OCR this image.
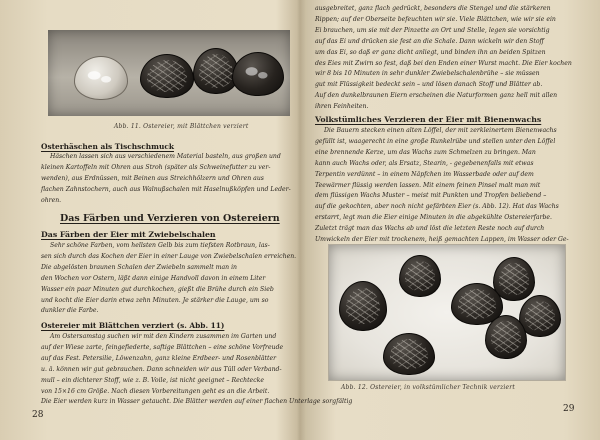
Abb. 11. Ostereier, mit Blättchen verziert
Osterhäschen als Tischschmuck
Häschen lassen sich aus verschiedenem Material basteln, aus großen und
kleinen Kartoffeln mit Ohren aus Stroh (später als Schweinefutter zu ver-
wenden), aus Erdnüssen, mit Beinen aus Streichhölzern und Ohren aus
flachen Zahnstochern, auch aus Walnußschalen mit Haselnußköpfen und Leder-
ohren.
Das Färben und Verzieren von Ostereiern
Das Färben der Eier mit Zwiebelschalen
Sehr schöne Farben, vom hellsten Gelb bis zum tiefsten Rotbraun, las-
sen sich durch das Kochen der Eier in einer Lauge von Zwiebelschalen erreichen.
Die abgelösten braunen Schalen der Zwiebeln sammelt man in
den Wochen vor Ostern, läßt dann einige Handvoll davon in einem Liter
Wasser ein paar Minuten gut durchkochen, gießt die Brühe durch ein Sieb
und kocht die Eier darin etwa zehn Minuten. Je stärker die Lauge, um so
dunkler die Farbe.
Ostereier mit Blättchen verziert (s. Abb. 11)
Am Ostersamstag suchen wir mit den Kindern zusammen im Garten und
auf der Wiese zarte, feingefiederte, saftige Blättchen – eine schöne Vorfreude
auf das Fest. Petersilie, Löwenzahn, ganz kleine Erdbeer- und Rosenblätter
u. ä. können wir gut gebrauchen. Dann schneiden wir aus Tüll oder Verband-
mull – ein dichterer Stoff, wie z. B. Voile, ist nicht geeignet – Rechtecke
von 15×16 cm Größe. Nach diesen Vorbereitungen geht es an die Arbeit.
Die Eier werden kurz in Wasser getaucht. Die Blätter werden auf einer flachen Unterlage sorgfältig
28
ausgebreitet, ganz flach gedrückt, besonders die Stengel und die stärkeren
Rippen; auf der Oberseite befeuchten wir sie. Viele Blättchen, wie wir sie ein
Ei brauchen, um sie mit der Pinzette an Ort und Stelle, legen sie vorsichtig
auf das Ei und drücken sie fest an die Schale. Dann wickeln wir den Stoff
um das Ei, so daß er ganz dicht anliegt, und binden ihn an beiden Spitzen
des Eies mit Zwirn so fest, daß bei den Enden einer Wurst macht. Die Eier kochen
wir 8 bis 10 Minuten in sehr dunkler Zwiebelschalenbrühe – sie müssen
gut mit Flüssigkeit bedeckt sein – und lösen danach Stoff und Blätter ab.
Auf den dunkelbraunen Eiern erscheinen die Naturformen ganz hell mit allen
ihren Feinheiten.
Volkstümliches Verzieren der Eier mit Bienenwachs
Die Bauern stecken einen alten Löffel, der mit zerkleinertem Bienenwachs
gefüllt ist, waagerecht in eine große Runkelrübe und stellen unter den Löffel
eine brennende Kerze, um das Wachs zum Schmelzen zu bringen. Man
kann auch Wachs oder, als Ersatz, Stearin, - gegebenenfalls mit etwas
Terpentin verdünnt – in einem Näpfchen im Wasserbade oder auf dem
Teewärmer flüssig werden lassen. Mit einem feinen Pinsel malt man mit
dem flüssigen Wachs Muster – meist mit Punkten und Tropfen beliebend –
auf die gekochten, aber noch nicht gefärbten Eier (s. Abb. 12). Hat das Wachs
erstarrt, legt man die Eier einige Minuten in die abgekühlte Ostereierfarbe.
Zuletzt trägt man das Wachs ab und löst die letzten Reste noch auf durch
Umwickeln der Eier mit trockenem, heiß gemachten Lappen, im Wasser oder Ge-
Abb. 12. Ostereier, in volkstümlicher Technik verziert
29
